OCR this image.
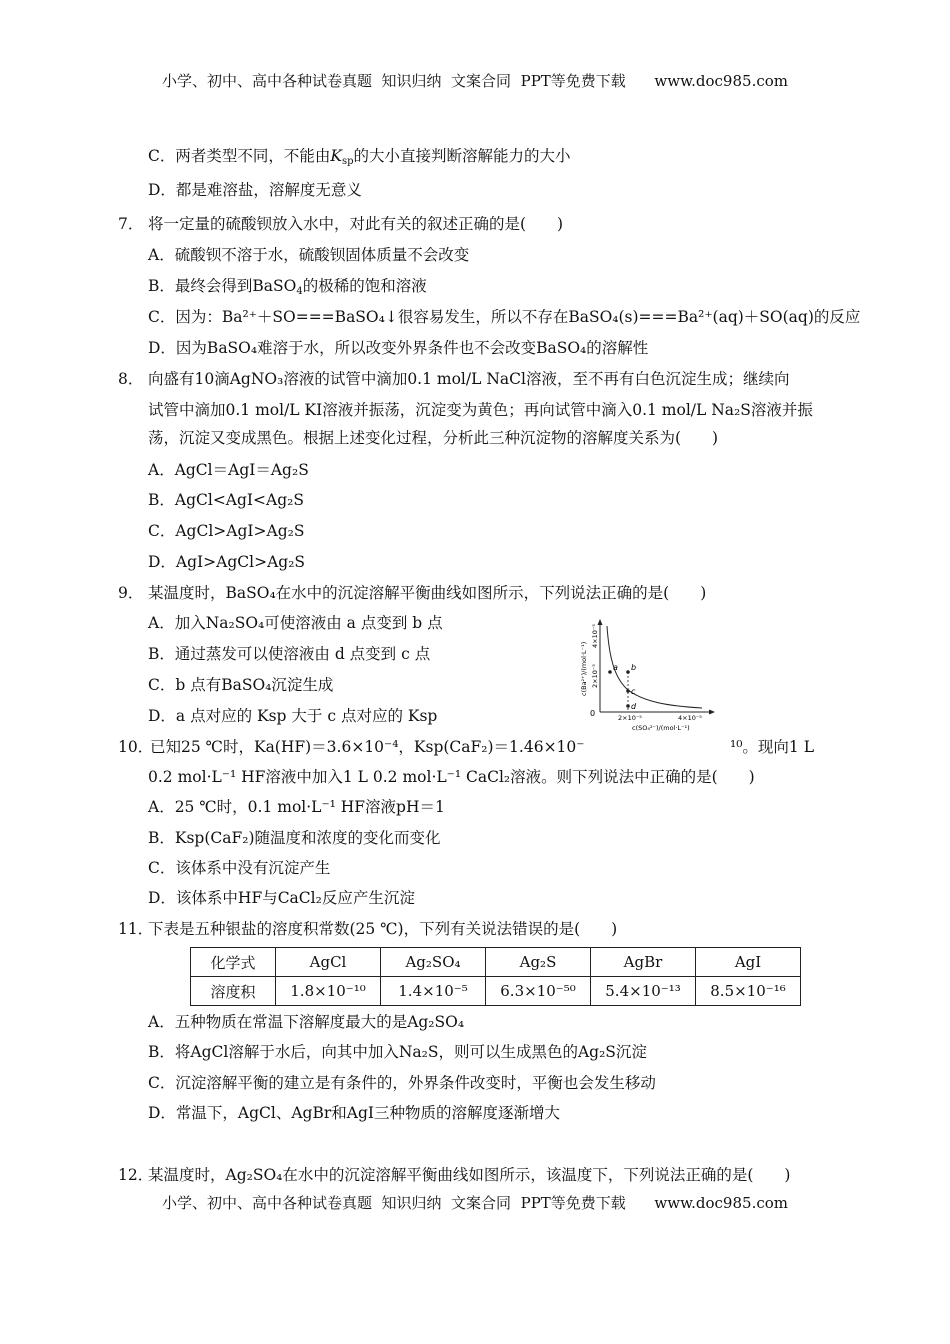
小学、初中、高中各种试卷真题  知识归纳  文案合同  PPT等免费下载      www.doc985.com
C．两者类型不同，不能由$K_{sp}$的大小直接判断溶解能力的大小
D．都是难溶盐，溶解度无意义
7． 将一定量的硫酸钡放入水中，对此有关的叙述正确的是(　　)
A．硫酸钡不溶于水，硫酸钡固体质量不会改变
B．最终会得到BaSO$_4$的极稀的饱和溶液
C．因为：Ba²⁺＋SO===BaSO₄↓很容易发生，所以不存在BaSO₄(s)===Ba²⁺(aq)＋SO(aq)的反应
D．因为BaSO₄难溶于水，所以改变外界条件也不会改变BaSO₄的溶解性
8． 向盛有10滴AgNO₃溶液的试管中滴加0.1 mol/L NaCl溶液，至不再有白色沉淀生成；继续向
试管中滴加0.1 mol/L KI溶液并振荡，沉淀变为黄色；再向试管中滴入0.1 mol/L Na₂S溶液并振
荡，沉淀又变成黑色。根据上述变化过程，分析此三种沉淀物的溶解度关系为(　　)
A．AgCl＝AgI＝Ag₂S
B．AgCl<AgI<Ag₂S
C．AgCl>AgI>Ag₂S
D．AgI>AgCl>Ag₂S
9． 某温度时，BaSO₄在水中的沉淀溶解平衡曲线如图所示，下列说法正确的是(　　)
A．加入Na₂SO₄可使溶液由 a 点变到 b 点
B．通过蒸发可以使溶液由 d 点变到 c 点
C．b 点有BaSO₄沉淀生成
D．a 点对应的 Ksp 大于 c 点对应的 Ksp
a b
c
d
0
4×10⁻⁵
2×10⁻⁵
c(Ba²⁺)/(mol·L⁻¹)
2×10⁻⁵	4×10⁻⁵
c(SO₄²⁻)/(mol·L⁻¹)
10．
已知25 ℃时，Ka(HF)＝3.6×10⁻⁴，Ksp(CaF₂)＝1.46×10⁻	¹⁰。现向1 L
0.2 mol·L⁻¹ HF溶液中加入1 L 0.2 mol·L⁻¹ CaCl₂溶液。则下列说法中正确的是(　　)
A．25 ℃时，0.1 mol·L⁻¹ HF溶液pH＝1
B．Ksp(CaF₂)随温度和浓度的变化而变化
C．该体系中没有沉淀产生
D．该体系中HF与CaCl₂反应产生沉淀
11．
下表是五种银盐的溶度积常数(25 ℃)，下列有关说法错误的是(　　)
化学式	AgCl	Ag₂SO₄	Ag₂S	AgBr	AgI
溶度积	1.8×10⁻¹⁰	1.4×10⁻⁵	6.3×10⁻⁵⁰	5.4×10⁻¹³	8.5×10⁻¹⁶
A．五种物质在常温下溶解度最大的是Ag₂SO₄
B．将AgCl溶解于水后，向其中加入Na₂S，则可以生成黑色的Ag₂S沉淀
C．沉淀溶解平衡的建立是有条件的，外界条件改变时，平衡也会发生移动
D．常温下，AgCl、AgBr和AgI三种物质的溶解度逐渐增大
12．
某温度时，Ag₂SO₄在水中的沉淀溶解平衡曲线如图所示，该温度下，下列说法正确的是(　　)
小学、初中、高中各种试卷真题  知识归纳  文案合同  PPT等免费下载      www.doc985.com
